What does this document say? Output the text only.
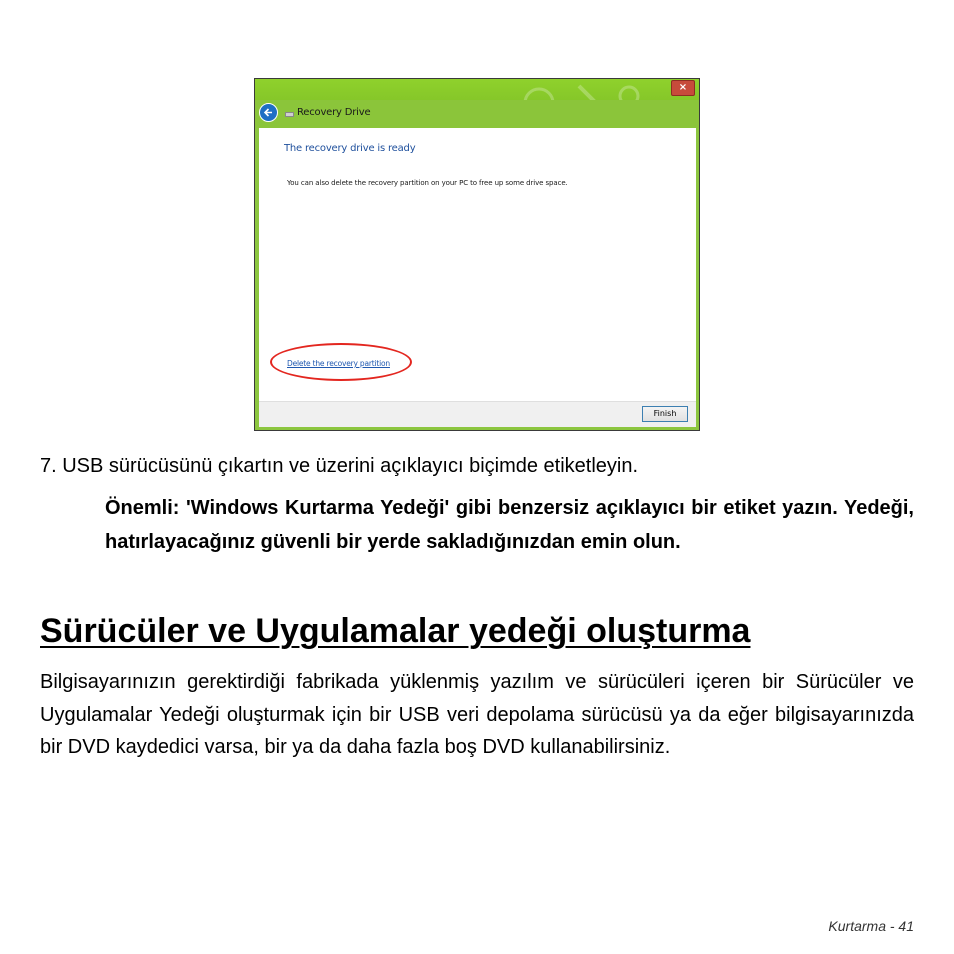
×
Recovery Drive
The recovery drive is ready
You can also delete the recovery partition on your PC to free up some drive space.
Delete the recovery partition
Finish
7. USB sürücüsünü çıkartın ve üzerini açıklayıcı biçimde etiketleyin.
Önemli: 'Windows Kurtarma Yedeği' gibi benzersiz açıklayıcı bir etiket yazın. Yedeği, hatırlayacağınız güvenli bir yerde sakladığınızdan emin olun.
Sürücüler ve Uygulamalar yedeği oluşturma
Bilgisayarınızın gerektirdiği fabrikada yüklenmiş yazılım ve sürücüleri içeren bir Sürücüler ve Uygulamalar Yedeği oluşturmak için bir USB veri depolama sürücüsü ya da eğer bilgisayarınızda bir DVD kaydedici varsa, bir ya da daha fazla boş DVD kullanabilirsiniz.
Kurtarma - 41
